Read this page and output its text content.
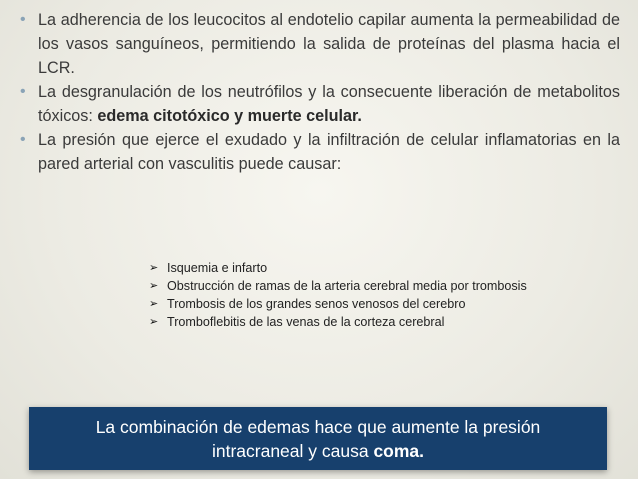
• La adherencia de los leucocitos al endotelio capilar aumenta la permeabilidad de los vasos sanguíneos, permitiendo la salida de proteínas del plasma hacia el LCR.

• La desgranulación de los neutrófilos y la consecuente liberación de metabolitos tóxicos: edema citotóxico y muerte celular.

• La presión que ejerce el exudado y la infiltración de celular inflamatorias en la pared arterial con vasculitis puede causar:

➢ Isquemia e infarto
➢ Obstrucción de ramas de la arteria cerebral media por trombosis
➢ Trombosis de los grandes senos venosos del cerebro
➢ Tromboflebitis de las venas de la corteza cerebral
La combinación de edemas hace que aumente la presión
intracraneal y causa coma.
